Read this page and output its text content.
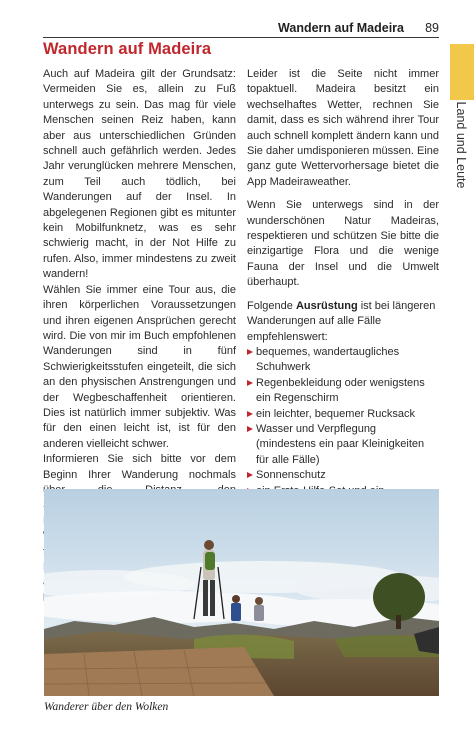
Wandern auf Madeira 89
Land und Leute
Wandern auf Madeira

Auch auf Madeira gilt der Grundsatz: Vermeiden Sie es, allein zu Fuß unterwegs zu sein. Das mag für viele Menschen seinen Reiz haben, kann aber aus unterschiedlichen Gründen schnell auch gefährlich werden. Jedes Jahr verunglücken mehrere Menschen, zum Teil auch tödlich, bei Wanderungen auf der Insel. In abgelegenen Regionen gibt es mitunter kein Mobilfunknetz, was es sehr schwierig macht, in der Not Hilfe zu rufen. Also, immer mindestens zu zweit wandern!

Wählen Sie immer eine Tour aus, die ihren körperlichen Voraussetzungen und ihren eigenen Ansprüchen gerecht wird. Die von mir im Buch empfohlenen Wanderungen sind in fünf Schwierigkeitsstufen eingeteilt, die sich an den physischen Anstrengungen und der Wegbeschaffenheit orientieren. Dies ist natürlich immer subjektiv. Was für den einen leicht ist, ist für den anderen vielleicht schwer.

Informieren Sie sich bitte vor dem Beginn Ihrer Wanderung nochmals

Leider ist die Seite nicht immer topaktuell. Madeira besitzt ein wechselhaftes Wetter, rechnen Sie damit, dass es sich während ihrer Tour auch schnell komplett ändern kann und Sie daher umdisponieren müssen. Eine ganz gute Wettervorhersage bietet die App Madeiraweather.

Wenn Sie unterwegs sind in der wunderschönen Natur Madeiras, respektieren und schützen Sie bitte die einzigartige Flora und die wenige Fauna der Insel und die Umwelt überhaupt.

Folgende Ausrüstung ist bei längeren Wanderungen auf alle Fälle empfehlenswert:

bequemes, wandertaugliches Schuhwerk
Regenbekleidung oder wenigstens ein Regenschirm
ein leichter, bequemer Rucksack
Wasser und Verpflegung (mindestens ein paar Kleinigkeiten für alle Fälle)
Sonnenschutz
Wanderer über den Wolken
